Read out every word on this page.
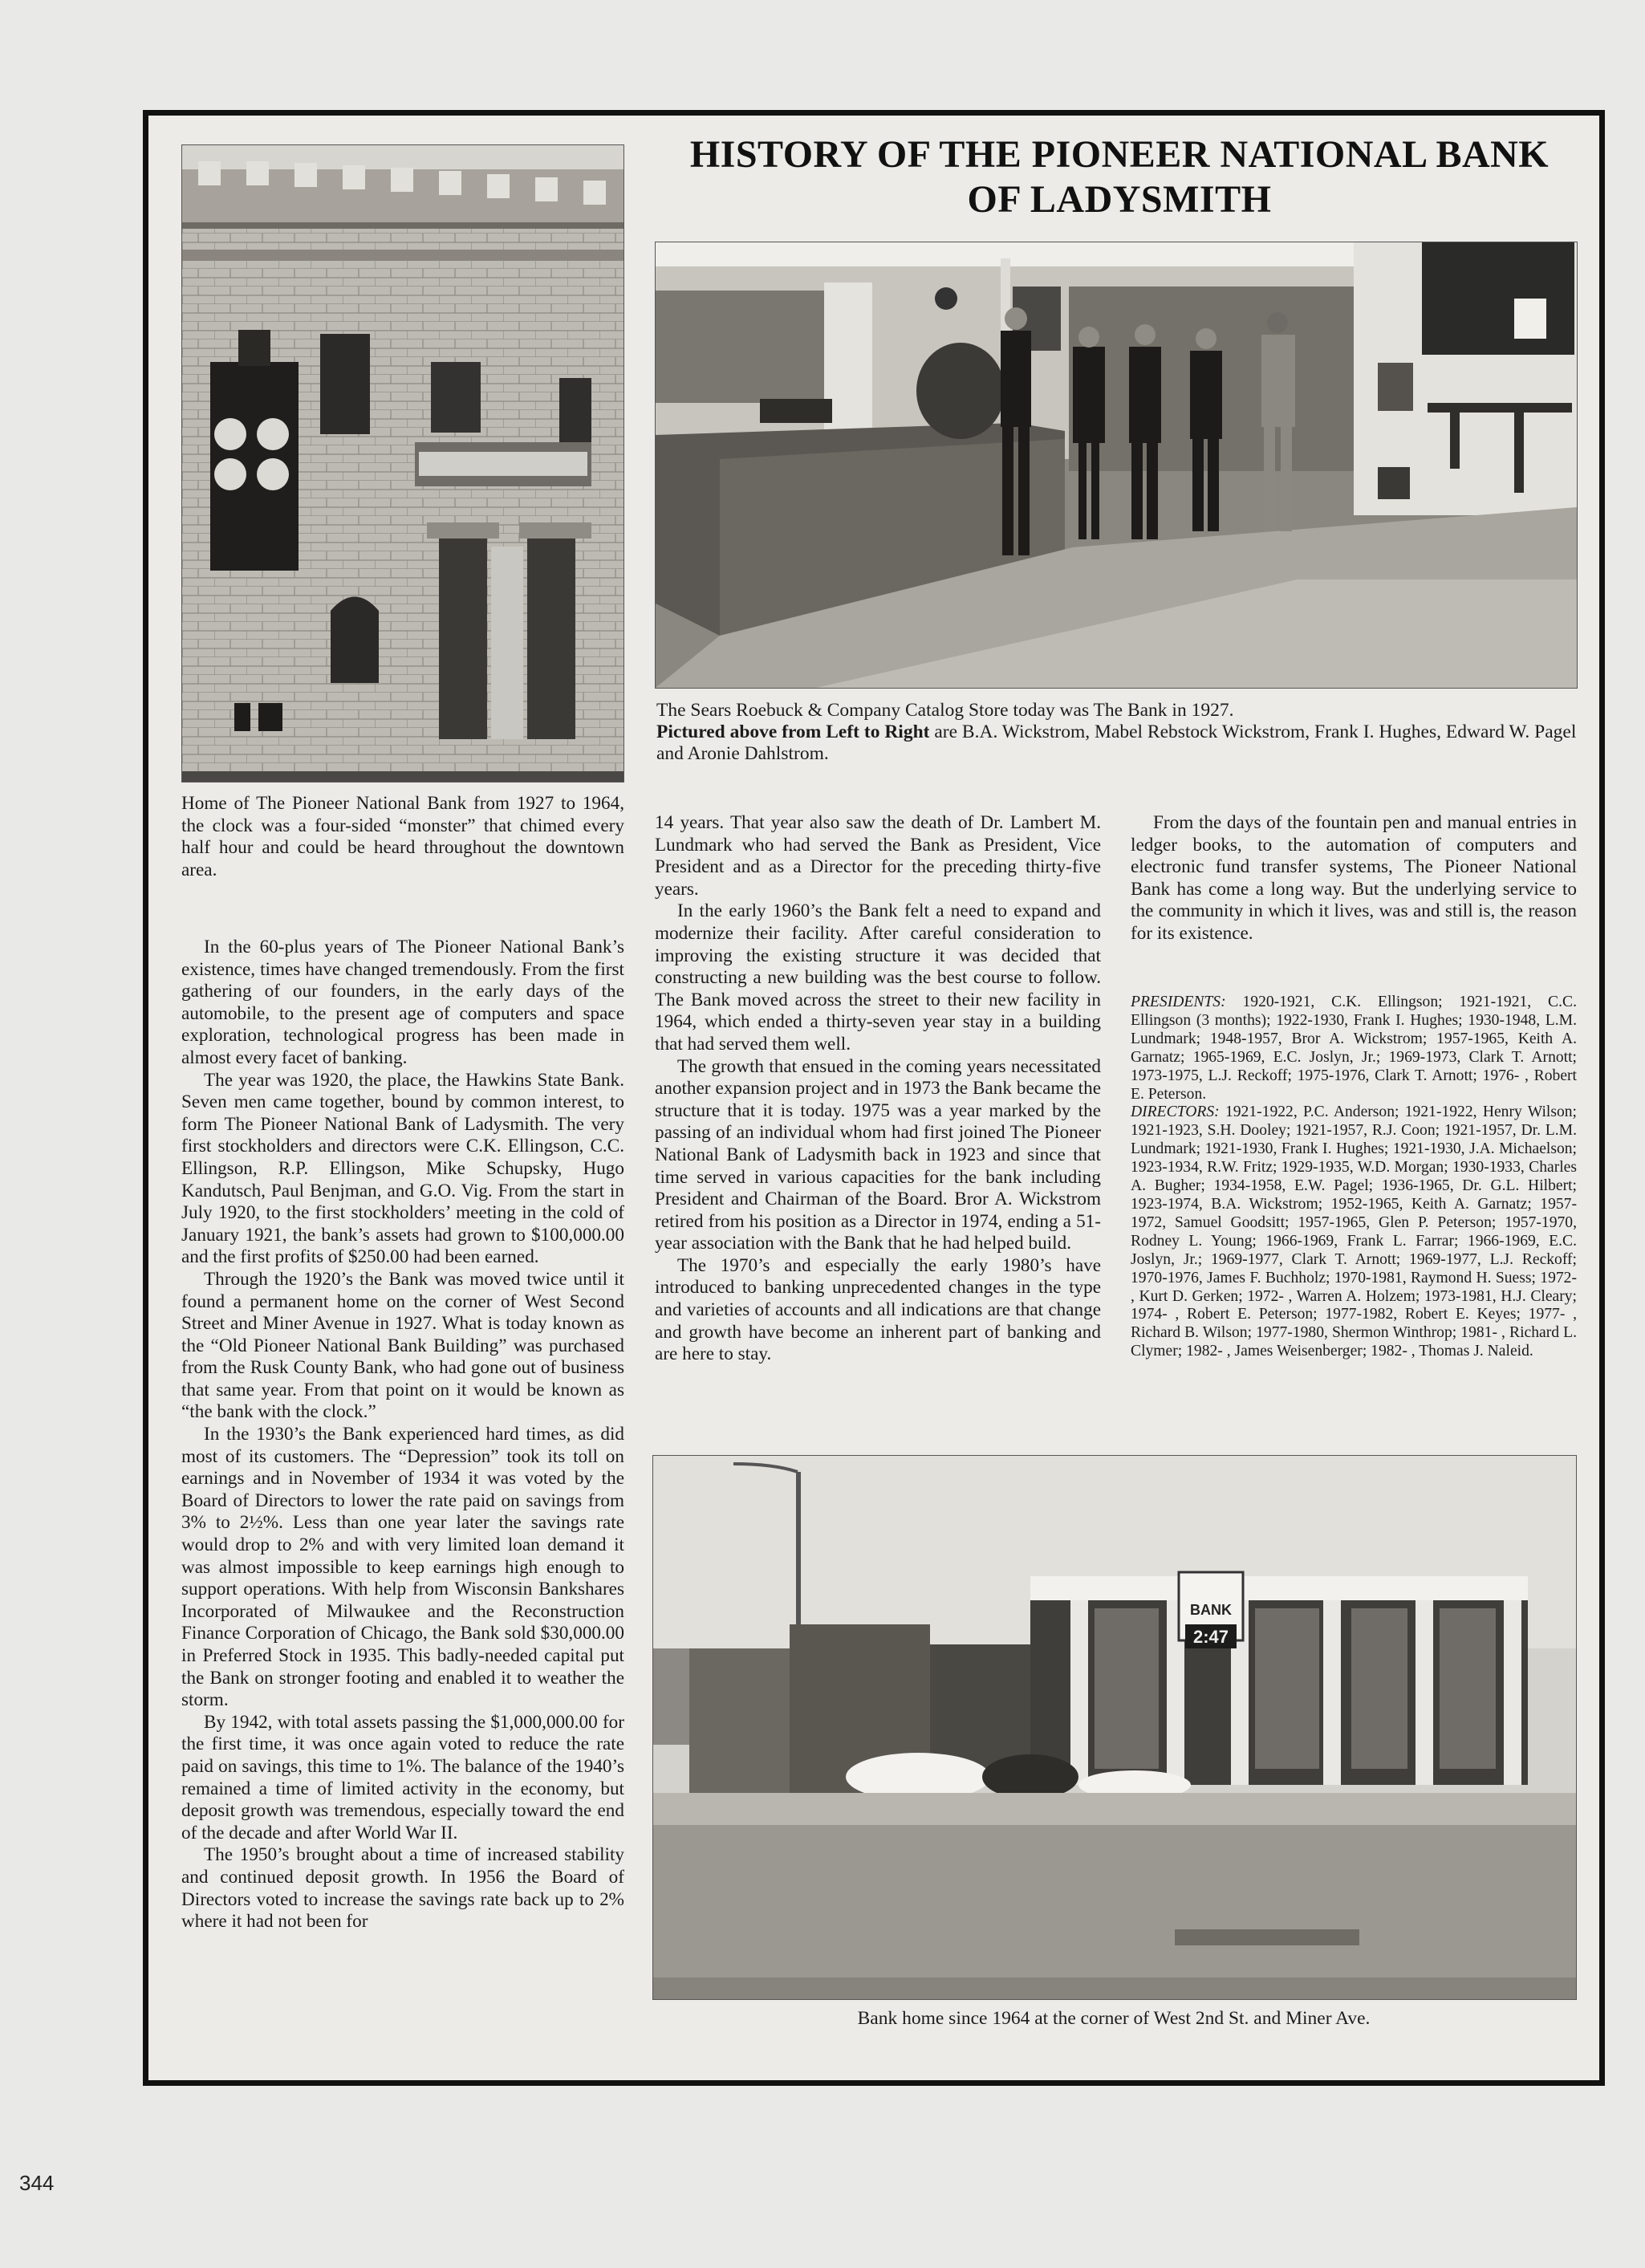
HISTORY OF THE PIONEER NATIONAL BANK OF LADYSMITH
The Sears Roebuck & Company Catalog Store today was The Bank in 1927.
Pictured above from Left to Right are B.A. Wickstrom, Mabel Rebstock Wickstrom, Frank I. Hughes, Edward W. Pagel and Aronie Dahlstrom.
Home of The Pioneer National Bank from 1927 to 1964, the clock was a four-sided “monster” that chimed every half hour and could be heard throughout the downtown area.

In the 60-plus years of The Pioneer National Bank’s existence, times have changed tremendously. From the first gathering of our founders, in the early days of the automobile, to the present age of computers and space exploration, technological progress has been made in almost every facet of banking.

The year was 1920, the place, the Hawkins State Bank. Seven men came together, bound by common interest, to form The Pioneer National Bank of Ladysmith. The very first stockholders and directors were C.K. Ellingson, C.C. Ellingson, R.P. Ellingson, Mike Schupsky, Hugo Kandutsch, Paul Benjman, and G.O. Vig. From the start in July 1920, to the first stockholders’ meeting in the cold of January 1921, the bank’s assets had grown to $100,000.00 and the first profits of $250.00 had been earned.

Through the 1920’s the Bank was moved twice until it found a permanent home on the corner of West Second Street and Miner Avenue in 1927. What is today known as the “Old Pioneer National Bank Building” was purchased from the Rusk County Bank, who had gone out of business that same year. From that point on it would be known as “the bank with the clock.”

In the 1930’s the Bank experienced hard times, as did most of its customers. The “Depression” took its toll on earnings and in November of 1934 it was voted by the Board of Directors to lower the rate paid on savings from 3% to 2½%. Less than one year later the savings rate would drop to 2% and with very limited loan demand it was almost impossible to keep earnings high enough to support operations. With help from Wisconsin Bankshares Incorporated of Milwaukee and the Reconstruction Finance Corporation of Chicago, the Bank sold $30,000.00 in Preferred Stock in 1935. This badly-needed capital put the Bank on stronger footing and enabled it to weather the storm.

By 1942, with total assets passing the $1,000,000.00 for the first time, it was once again voted to reduce the rate paid on savings, this time to 1%. The balance of the 1940’s remained a time of limited activity in the economy, but deposit growth was tremendous, especially toward the end of the decade and after World War II.

The 1950’s brought about a time of increased stability and continued deposit growth. In 1956 the Board of Directors voted to increase the savings rate back up to 2% where it had not been for

14 years. That year also saw the death of Dr. Lambert M. Lundmark who had served the Bank as President, Vice President and as a Director for the preceding thirty-five years.

In the early 1960’s the Bank felt a need to expand and modernize their facility. After careful consideration to improving the existing structure it was decided that constructing a new building was the best course to follow. The Bank moved across the street to their new facility in 1964, which ended a thirty-seven year stay in a building that had served them well.

The growth that ensued in the coming years necessitated another expansion project and in 1973 the Bank became the structure that it is today. 1975 was a year marked by the passing of an individual whom had first joined The Pioneer National Bank of Ladysmith back in 1923 and since that time served in various capacities for the bank including President and Chairman of the Board. Bror A. Wickstrom retired from his position as a Director in 1974, ending a 51-year association with the Bank that he had helped build.

The 1970’s and especially the early 1980’s have introduced to banking unprecedented changes in the type and varieties of accounts and all indications are that change and growth have become an inherent part of banking and are here to stay.

From the days of the fountain pen and manual entries in ledger books, to the automation of computers and electronic fund transfer systems, The Pioneer National Bank has come a long way. But the underlying service to the community in which it lives, was and still is, the reason for its existence.

PRESIDENTS: 1920-1921, C.K. Ellingson; 1921-1921, C.C. Ellingson (3 months); 1922-1930, Frank I. Hughes; 1930-1948, L.M. Lundmark; 1948-1957, Bror A. Wickstrom; 1957-1965, Keith A. Garnatz; 1965-1969, E.C. Joslyn, Jr.; 1969-1973, Clark T. Arnott; 1973-1975, L.J. Reckoff; 1975-1976, Clark T. Arnott; 1976- , Robert E. Peterson.

DIRECTORS: 1921-1922, P.C. Anderson; 1921-1922, Henry Wilson; 1921-1923, S.H. Dooley; 1921-1957, R.J. Coon; 1921-1957, Dr. L.M. Lundmark; 1921-1930, Frank I. Hughes; 1921-1930, J.A. Michaelson; 1923-1934, R.W. Fritz; 1929-1935, W.D. Morgan; 1930-1933, Charles A. Bugher; 1934-1958, E.W. Pagel; 1936-1965, Dr. G.L. Hilbert; 1923-1974, B.A. Wickstrom; 1952-1965, Keith A. Garnatz; 1957-1972, Samuel Goodsitt; 1957-1965, Glen P. Peterson; 1957-1970, Rodney L. Young; 1966-1969, Frank L. Farrar; 1966-1969, E.C. Joslyn, Jr.; 1969-1977, Clark T. Arnott; 1969-1977, L.J. Reckoff; 1970-1976, James F. Buchholz; 1970-1981, Raymond H. Suess; 1972- , Kurt D. Gerken; 1972- , Warren A. Holzem; 1973-1981, H.J. Cleary; 1974- , Robert E. Peterson; 1977-1982, Robert E. Keyes; 1977- , Richard B. Wilson; 1977-1980, Shermon Winthrop; 1981- , Richard L. Clymer; 1982- , James Weisenberger; 1982- , Thomas J. Naleid.

BANK
2:47
Bank home since 1964 at the corner of West 2nd St. and Miner Ave.
344
